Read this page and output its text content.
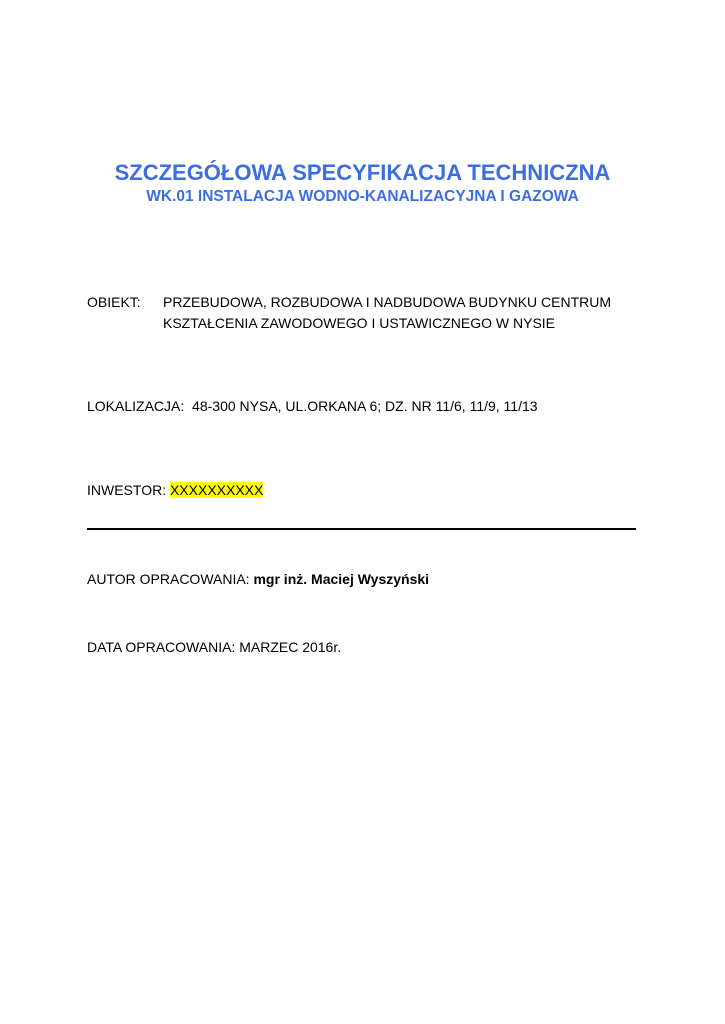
SZCZEGÓŁOWA SPECYFIKACJA TECHNICZNA
WK.01 INSTALACJA WODNO-KANALIZACYJNA I GAZOWA
OBIEKT: PRZEBUDOWA, ROZBUDOWA I NADBUDOWA BUDYNKU CENTRUM
KSZTAŁCENIA ZAWODOWEGO I USTAWICZNEGO W NYSIE
LOKALIZACJA: 48-300 NYSA, UL.ORKANA 6; DZ. NR 11/6, 11/9, 11/13
INWESTOR: XXXXXXXXXX
AUTOR OPRACOWANIA: mgr inż. Maciej Wyszyński
DATA OPRACOWANIA: MARZEC 2016r.
